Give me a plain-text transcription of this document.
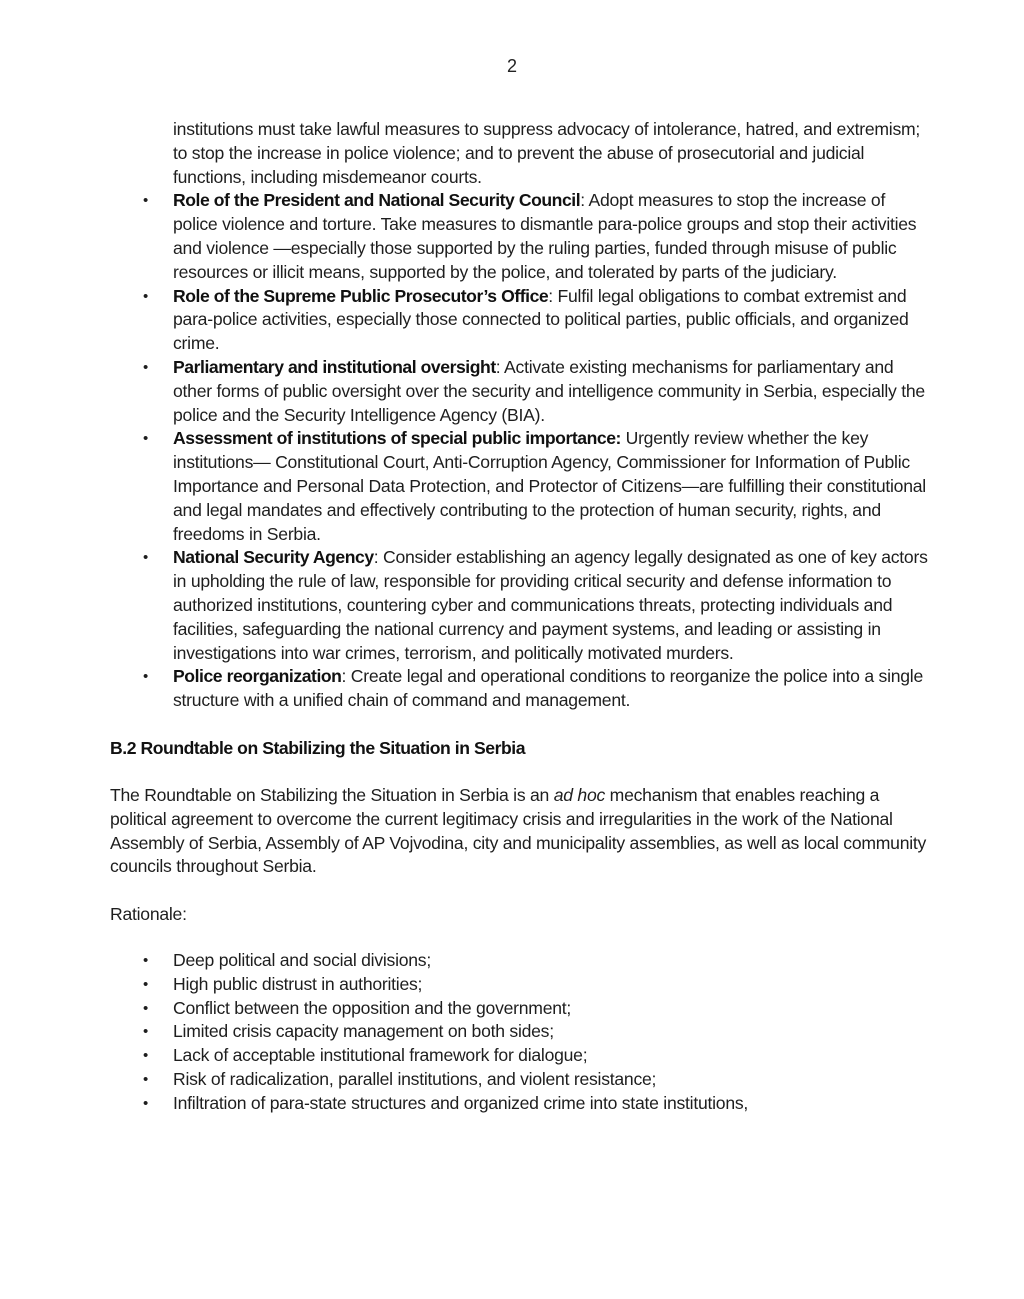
2

institutions must take lawful measures to suppress advocacy of intolerance, hatred, and extremism; to stop the increase in police violence; and to prevent the abuse of prosecutorial and judicial functions, including misdemeanor courts.

• Role of the President and National Security Council: Adopt measures to stop the increase of police violence and torture. Take measures to dismantle para-police groups and stop their activities and violence —especially those supported by the ruling parties, funded through misuse of public resources or illicit means, supported by the police, and tolerated by parts of the judiciary.
• Role of the Supreme Public Prosecutor’s Office: Fulfil legal obligations to combat extremist and para-police activities, especially those connected to political parties, public officials, and organized crime.
• Parliamentary and institutional oversight: Activate existing mechanisms for parliamentary and other forms of public oversight over the security and intelligence community in Serbia, especially the police and the Security Intelligence Agency (BIA).
• Assessment of institutions of special public importance: Urgently review whether the key institutions— Constitutional Court, Anti-Corruption Agency, Commissioner for Information of Public Importance and Personal Data Protection, and Protector of Citizens—are fulfilling their constitutional and legal mandates and effectively contributing to the protection of human security, rights, and freedoms in Serbia.
• National Security Agency: Consider establishing an agency legally designated as one of key actors in upholding the rule of law, responsible for providing critical security and defense information to authorized institutions, countering cyber and communications threats, protecting individuals and facilities, safeguarding the national currency and payment systems, and leading or assisting in investigations into war crimes, terrorism, and politically motivated murders.
• Police reorganization: Create legal and operational conditions to reorganize the police into a single structure with a unified chain of command and management.
B.2 Roundtable on Stabilizing the Situation in Serbia

The Roundtable on Stabilizing the Situation in Serbia is an ad hoc mechanism that enables reaching a political agreement to overcome the current legitimacy crisis and irregularities in the work of the National Assembly of Serbia, Assembly of AP Vojvodina, city and municipality assemblies, as well as local community councils throughout Serbia.

Rationale:
• Deep political and social divisions;
• High public distrust in authorities;
• Conflict between the opposition and the government;
• Limited crisis capacity management on both sides;
• Lack of acceptable institutional framework for dialogue;
• Risk of radicalization, parallel institutions, and violent resistance;
• Infiltration of para-state structures and organized crime into state institutions,
